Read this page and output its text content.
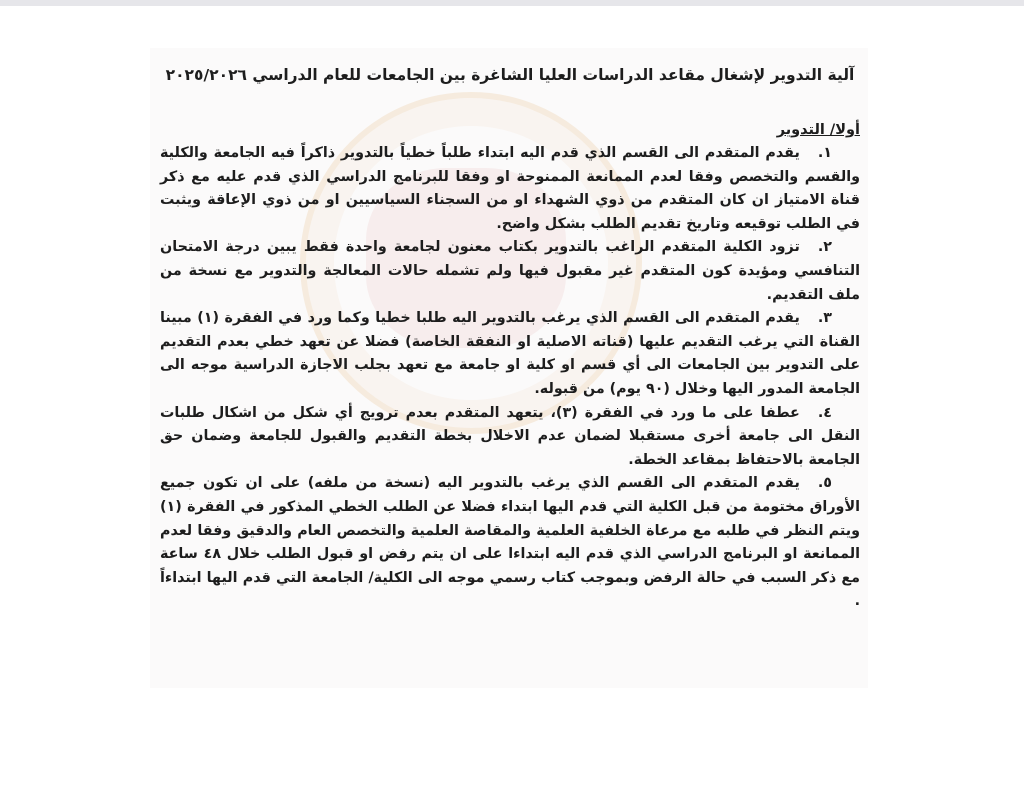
آلية التدوير لإشغال مقاعد الدراسات العليا الشاغرة بين الجامعات للعام الدراسي ٢٠٢٥/٢٠٢٦

أولا/ التدوير

١.يقدم المتقدم الى القسم الذي قدم اليه ابتداء طلباً خطياً بالتدوير ذاكراً فيه الجامعة والكلية والقسم والتخصص وفقا لعدم الممانعة الممنوحة او وفقا للبرنامج الدراسي الذي قدم عليه مع ذكر قناة الامتياز ان كان المتقدم من ذوي الشهداء او من السجناء السياسيين او من ذوي الإعاقة ويثبت في الطلب توقيعه وتاريخ تقديم الطلب بشكل واضح.

٢.تزود الكلية المتقدم الراغب بالتدوير بكتاب معنون لجامعة واحدة فقط يبين درجة الامتحان التنافسي ومؤيدة كون المتقدم غير مقبول فيها ولم تشمله حالات المعالجة والتدوير مع نسخة من ملف التقديم.

٣.يقدم المتقدم الى القسم الذي يرغب بالتدوير اليه طلبا خطيا وكما ورد في الفقرة (١) مبينا القناة التي يرغب التقديم عليها (قناته الاصلية او النفقة الخاصة) فضلا عن تعهد خطي بعدم التقديم على التدوير بين الجامعات الى أي قسم او كلية او جامعة مع تعهد بجلب الاجازة الدراسية موجه الى الجامعة المدور اليها وخلال (٩٠ يوم) من قبوله.

٤.عطفا على ما ورد في الفقرة (٣)، يتعهد المتقدم بعدم ترويج أي شكل من اشكال طلبات النقل الى جامعة أخرى مستقبلا لضمان عدم الاخلال بخطة التقديم والقبول للجامعة وضمان حق الجامعة بالاحتفاظ بمقاعد الخطة.

٥.يقدم المتقدم الى القسم الذي يرغب بالتدوير اليه (نسخة من ملفه) على ان تكون جميع الأوراق مختومة من قبل الكلية التي قدم اليها ابتداء فضلا عن الطلب الخطي المذكور في الفقرة (١) ويتم النظر في طلبه مع مرعاة الخلفية العلمية والمقاصة العلمية والتخصص العام والدقيق وفقا لعدم الممانعة او البرنامج الدراسي الذي قدم اليه ابتداءا على ان يتم رفض او قبول الطلب خلال ٤٨ ساعة مع ذكر السبب في حالة الرفض وبموجب كتاب رسمي موجه الى الكلية/ الجامعة التي قدم اليها ابتداءاً .
